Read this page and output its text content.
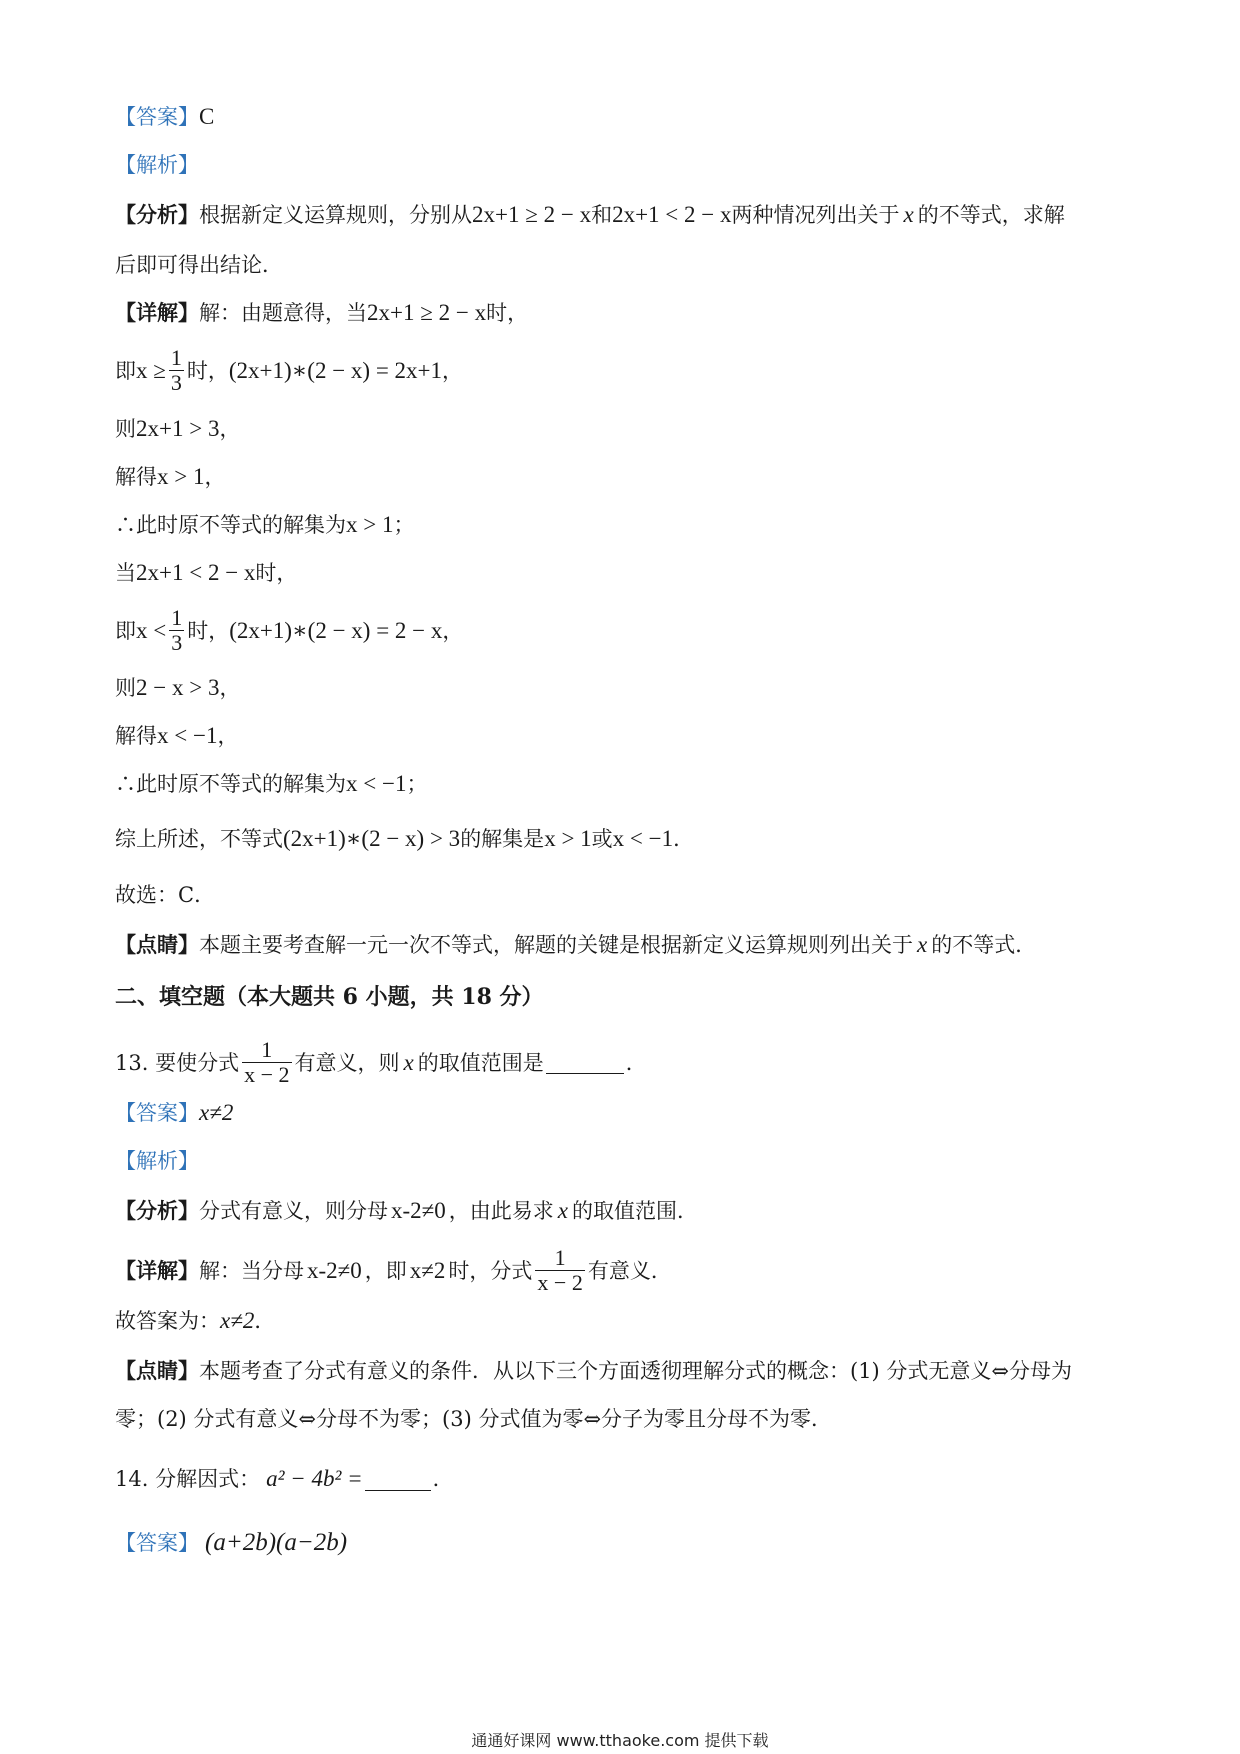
【答案】 C
【解析】
【分析】 根据新定义运算规则，分别从 2x+1 ≥ 2 − x 和 2x+1 < 2 − x 两种情况列出关于 x 的不等式，求解
后即可得出结论．
【详解】 解：由题意得，当 2x+1 ≥ 2 − x 时，
即 $x \ge \frac{1}{3}$ 时， (2x+1)∗(2 − x) = 2x+1 ，
则 2x+1 > 3 ，
解得 x > 1 ，
∴此时原不等式的解集为 x > 1 ；
当 2x+1 < 2 − x 时，
即 $x < \frac{1}{3}$ 时， (2x+1)∗(2 − x) = 2 − x ，
则 2 − x > 3 ，
解得 x < −1 ，
∴此时原不等式的解集为 x < −1 ；
综上所述，不等式 (2x+1)∗(2 − x) > 3 的解集是 x > 1 或 x < −1 ．
故选：C．
【点睛】 本题主要考查解一元一次不等式，解题的关键是根据新定义运算规则列出关于 x 的不等式．
二、填空题（本大题共 6 小题，共 18 分）
13. 要使分式 $\frac{1}{x - 2}$ 有意义，则 x 的取值范围是	．
【答案】 x≠2
【解析】
【分析】 分式有意义，则分母 x-2≠0 ，由此易求 x 的取值范围．
【详解】 解：当分母 x-2≠0 ，即 x≠2 时，分式 $\frac{1}{x - 2}$ 有意义．
故答案为： x≠2 ．
【点睛】 本题考查了分式有意义的条件．从以下三个方面透彻理解分式的概念：(1) 分式无意义⇔分母为
零；(2) 分式有意义⇔分母不为零；(3) 分式值为零⇔分子为零且分母不为零．
14. 分解因式： a² − 4b² =	．
【答案】 (a+2b)(a−2b)
通通好课网 www.tthaoke.com 提供下载
